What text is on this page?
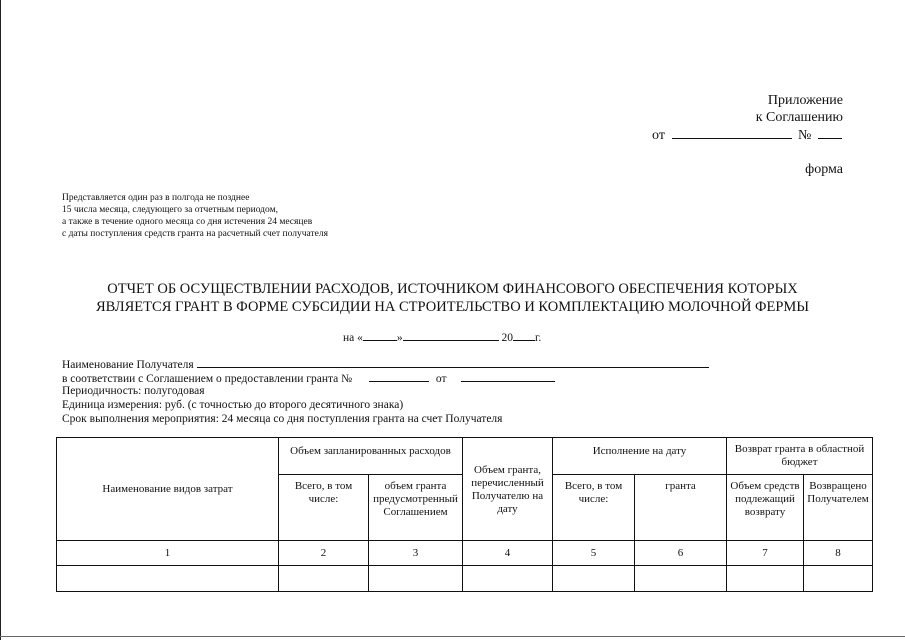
Приложение
к Соглашению
от	№
форма
Представляется один раз в полгода не позднее
15 числа месяца, следующего за отчетным периодом,
а также в течение одного месяца со дня истечения 24 месяцев
с даты поступления средств гранта на расчетный счет получателя
ОТЧЕТ ОБ ОСУЩЕСТВЛЕНИИ РАСХОДОВ, ИСТОЧНИКОМ ФИНАНСОВОГО ОБЕСПЕЧЕНИЯ КОТОРЫХ
ЯВЛЯЕТСЯ ГРАНТ В ФОРМЕ СУБСИДИИ НА СТРОИТЕЛЬСТВО И КОМПЛЕКТАЦИЮ МОЛОЧНОЙ ФЕРМЫ
на «	»	20 г.
Наименование Получателя
в соответствии с Соглашением о предоставлении гранта №	от
Периодичность: полугодовая
Единица измерения: руб. (с точностью до второго десятичного знака)
Срок выполнения мероприятия: 24 месяца со дня поступления гранта на счет Получателя
Наименование видов затрат	Объем запланированных расходов		Объем гранта, перечисленный Получателю на дату	Исполнение на дату		Возврат гранта в областной бюджет	
	Всего, в том числе:	объем гранта предусмотренный Соглашением		Всего, в том числе:	гранта	Объем средств подлежащий возврату	Возвращено Получателем
1	2	3	4	5	6	7	8
